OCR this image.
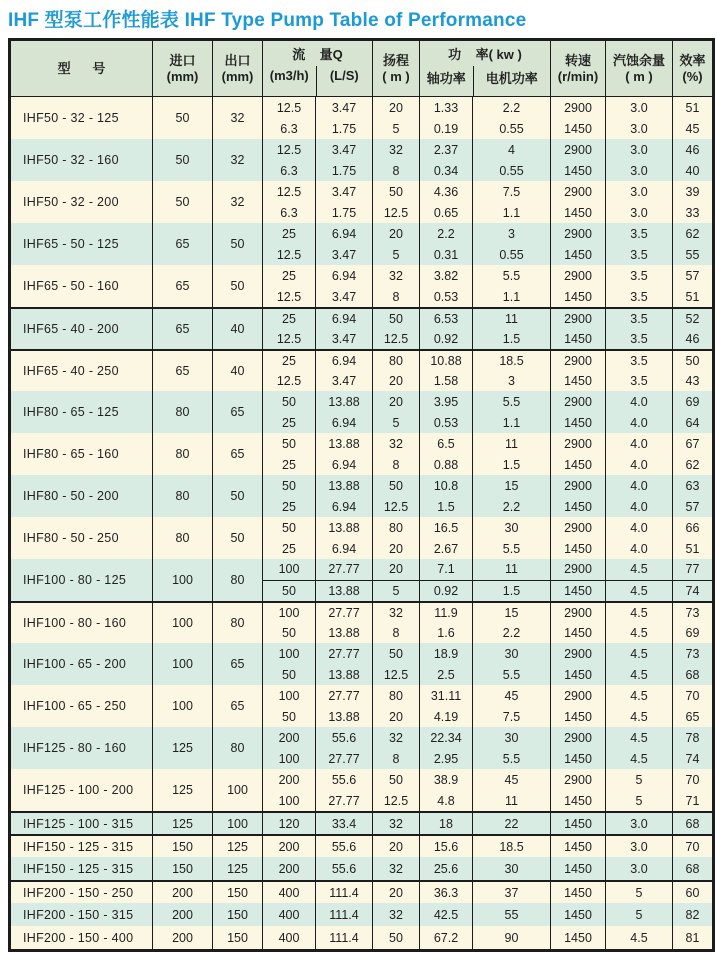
IHF 型泵工作性能表 IHF Type Pump Table of Performance
型      号
进口
(mm)
出口
(mm)
流    量Q
(m3/h)	(L/S)
扬程
( m )
功    率( kw )
轴功率	电机功率
转速
(r/min)
汽蚀余量
( m )
效率
(%)
IHF50 - 32 - 125	50	32
12.5	3.47	20	1.33	2.2	2900	3.0	51
6.3	1.75	5	0.19	0.55	1450	3.0	45
IHF50 - 32 - 160	50	32
12.5	3.47	32	2.37	4	2900	3.0	46
6.3	1.75	8	0.34	0.55	1450	3.0	40
IHF50 - 32 - 200	50	32
12.5	3.47	50	4.36	7.5	2900	3.0	39
6.3	1.75	12.5	0.65	1.1	1450	3.0	33
IHF65 - 50 - 125	65	50
25	6.94	20	2.2	3	2900	3.5	62
12.5	3.47	5	0.31	0.55	1450	3.5	55
IHF65 - 50 - 160	65	50
25	6.94	32	3.82	5.5	2900	3.5	57
12.5	3.47	8	0.53	1.1	1450	3.5	51
IHF65 - 40 - 200	65	40
25	6.94	50	6.53	11	2900	3.5	52
12.5	3.47	12.5	0.92	1.5	1450	3.5	46
IHF65 - 40 - 250	65	40
25	6.94	80	10.88	18.5	2900	3.5	50
12.5	3.47	20	1.58	3	1450	3.5	43
IHF80 - 65 - 125	80	65
50	13.88	20	3.95	5.5	2900	4.0	69
25	6.94	5	0.53	1.1	1450	4.0	64
IHF80 - 65 - 160	80	65
50	13.88	32	6.5	11	2900	4.0	67
25	6.94	8	0.88	1.5	1450	4.0	62
IHF80 - 50 - 200	80	50
50	13.88	50	10.8	15	2900	4.0	63
25	6.94	12.5	1.5	2.2	1450	4.0	57
IHF80 - 50 - 250	80	50
50	13.88	80	16.5	30	2900	4.0	66
25	6.94	20	2.67	5.5	1450	4.0	51
IHF100 - 80 - 125	100	80
100	27.77	20	7.1	11	2900	4.5	77
50	13.88	5	0.92	1.5	1450	4.5	74
IHF100 - 80 - 160	100	80
100	27.77	32	11.9	15	2900	4.5	73
50	13.88	8	1.6	2.2	1450	4.5	69
IHF100 - 65 - 200	100	65
100	27.77	50	18.9	30	2900	4.5	73
50	13.88	12.5	2.5	5.5	1450	4.5	68
IHF100 - 65 - 250	100	65
100	27.77	80	31.11	45	2900	4.5	70
50	13.88	20	4.19	7.5	1450	4.5	65
IHF125 - 80 - 160	125	80
200	55.6	32	22.34	30	2900	4.5	78
100	27.77	8	2.95	5.5	1450	4.5	74
IHF125 - 100 - 200	125	100
200	55.6	50	38.9	45	2900	5	70
100	27.77	12.5	4.8	11	1450	5	71
IHF125 - 100 - 315	125	100	120	33.4	32	18	22	1450	3.0	68
IHF150 - 125 - 315	150	125	200	55.6	20	15.6	18.5	1450	3.0	70
IHF150 - 125 - 315	150	125	200	55.6	32	25.6	30	1450	3.0	68
IHF200 - 150 - 250	200	150	400	111.4	20	36.3	37	1450	5	60
IHF200 - 150 - 315	200	150	400	111.4	32	42.5	55	1450	5	82
IHF200 - 150 - 400	200	150	400	111.4	50	67.2	90	1450	4.5	81
